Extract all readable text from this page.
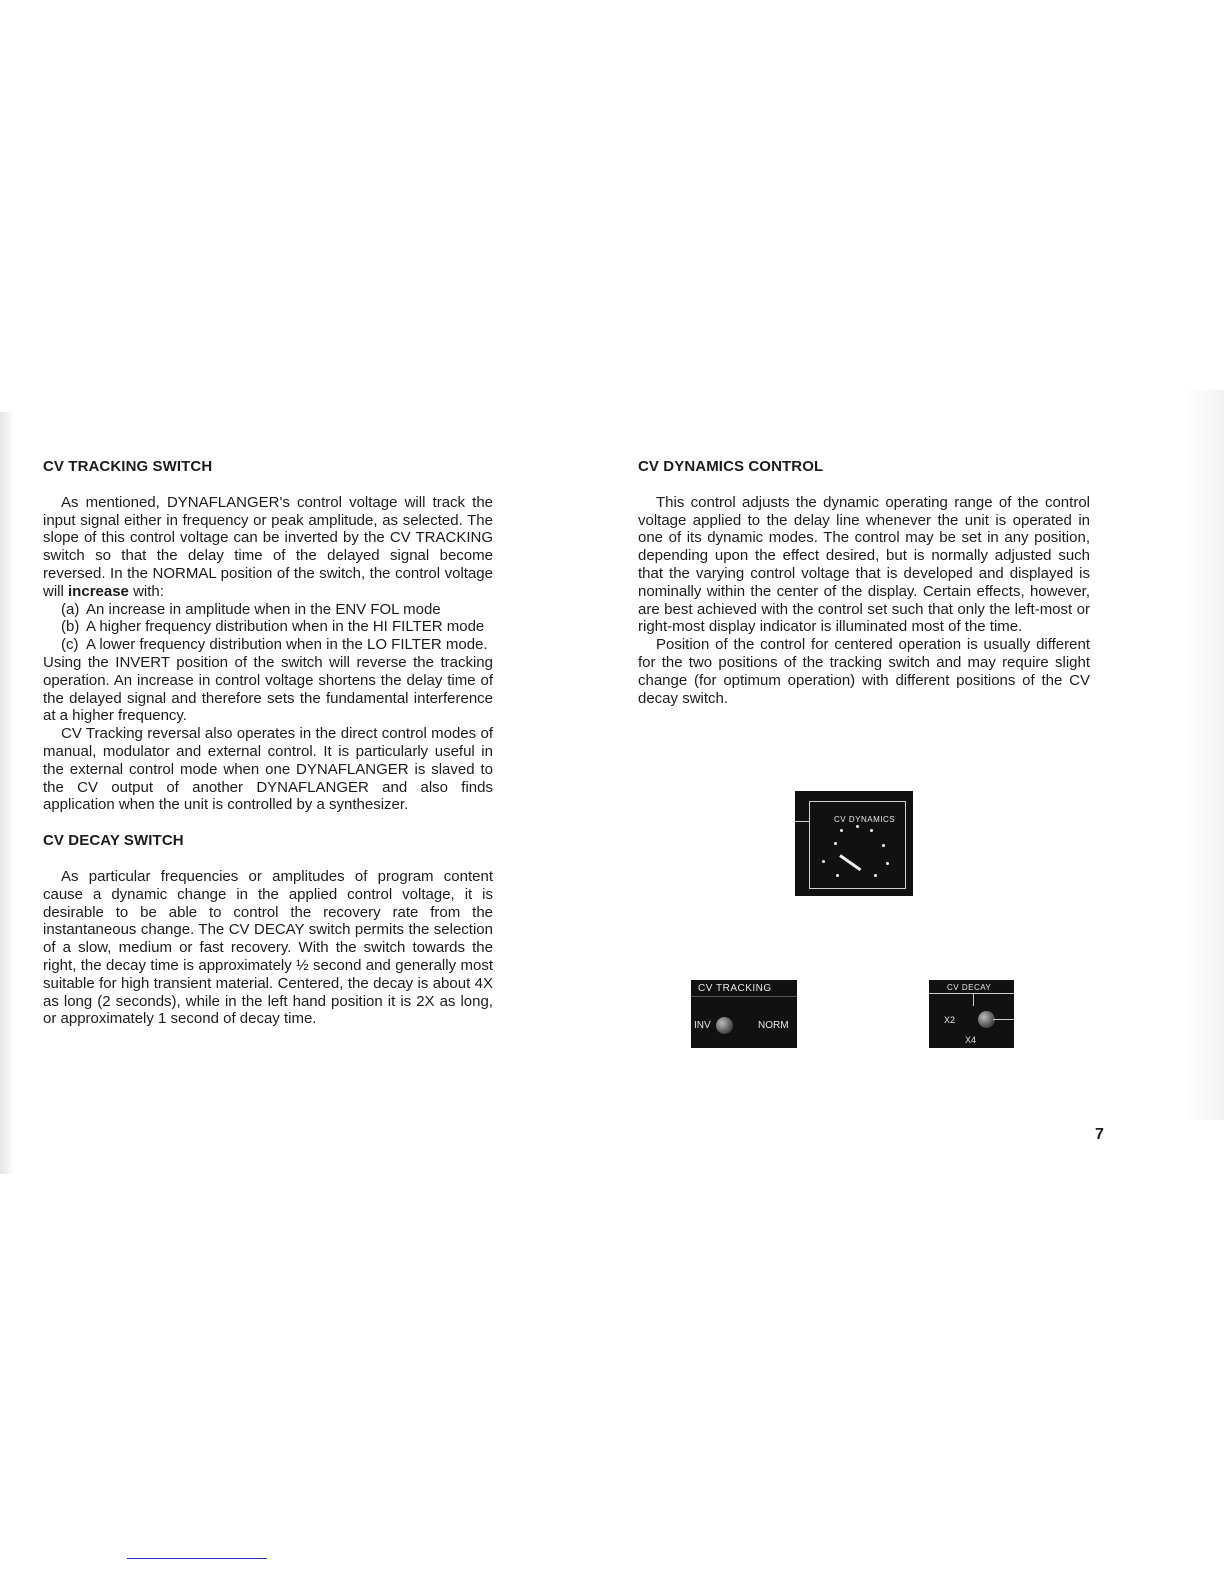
CV TRACKING SWITCH

As mentioned, DYNAFLANGER's control voltage will track the input signal either in frequency or peak amplitude, as selected. The slope of this control voltage can be inverted by the CV TRACKING switch so that the delay time of the delayed signal become reversed. In the NORMAL position of the switch, the control voltage will increase with:

(a) An increase in amplitude when in the ENV FOL mode
(b) A higher frequency distribution when in the HI FILTER mode
(c) A lower frequency distribution when in the LO FILTER mode.

Using the INVERT position of the switch will reverse the tracking operation. An increase in control voltage shortens the delay time of the delayed signal and therefore sets the fundamental interference at a higher frequency.

CV Tracking reversal also operates in the direct control modes of manual, modulator and external control. It is particularly useful in the external control mode when one DYNAFLANGER is slaved to the CV output of another DYNAFLANGER and also finds application when the unit is controlled by a synthesizer.

CV DECAY SWITCH

As particular frequencies or amplitudes of program content cause a dynamic change in the applied control voltage, it is desirable to be able to control the recovery rate from the instantaneous change. The CV DECAY switch permits the selection of a slow, medium or fast recovery. With the switch towards the right, the decay time is approximately ½ second and generally most suitable for high transient material. Centered, the decay is about 4X as long (2 seconds), while in the left hand position it is 2X as long, or approximately 1 second of decay time.

CV DYNAMICS CONTROL

This control adjusts the dynamic operating range of the control voltage applied to the delay line whenever the unit is operated in one of its dynamic modes. The control may be set in any position, depending upon the effect desired, but is normally adjusted such that the varying control voltage that is developed and displayed is nominally within the center of the display. Certain effects, however, are best achieved with the control set such that only the left-most or right-most display indicator is illuminated most of the time.

Position of the control for centered operation is usually different for the two positions of the tracking switch and may require slight change (for optimum operation) with different positions of the CV decay switch.

CV DYNAMICS
CV TRACKING
INV	NORM
CV DECAY
X2
X4
7
